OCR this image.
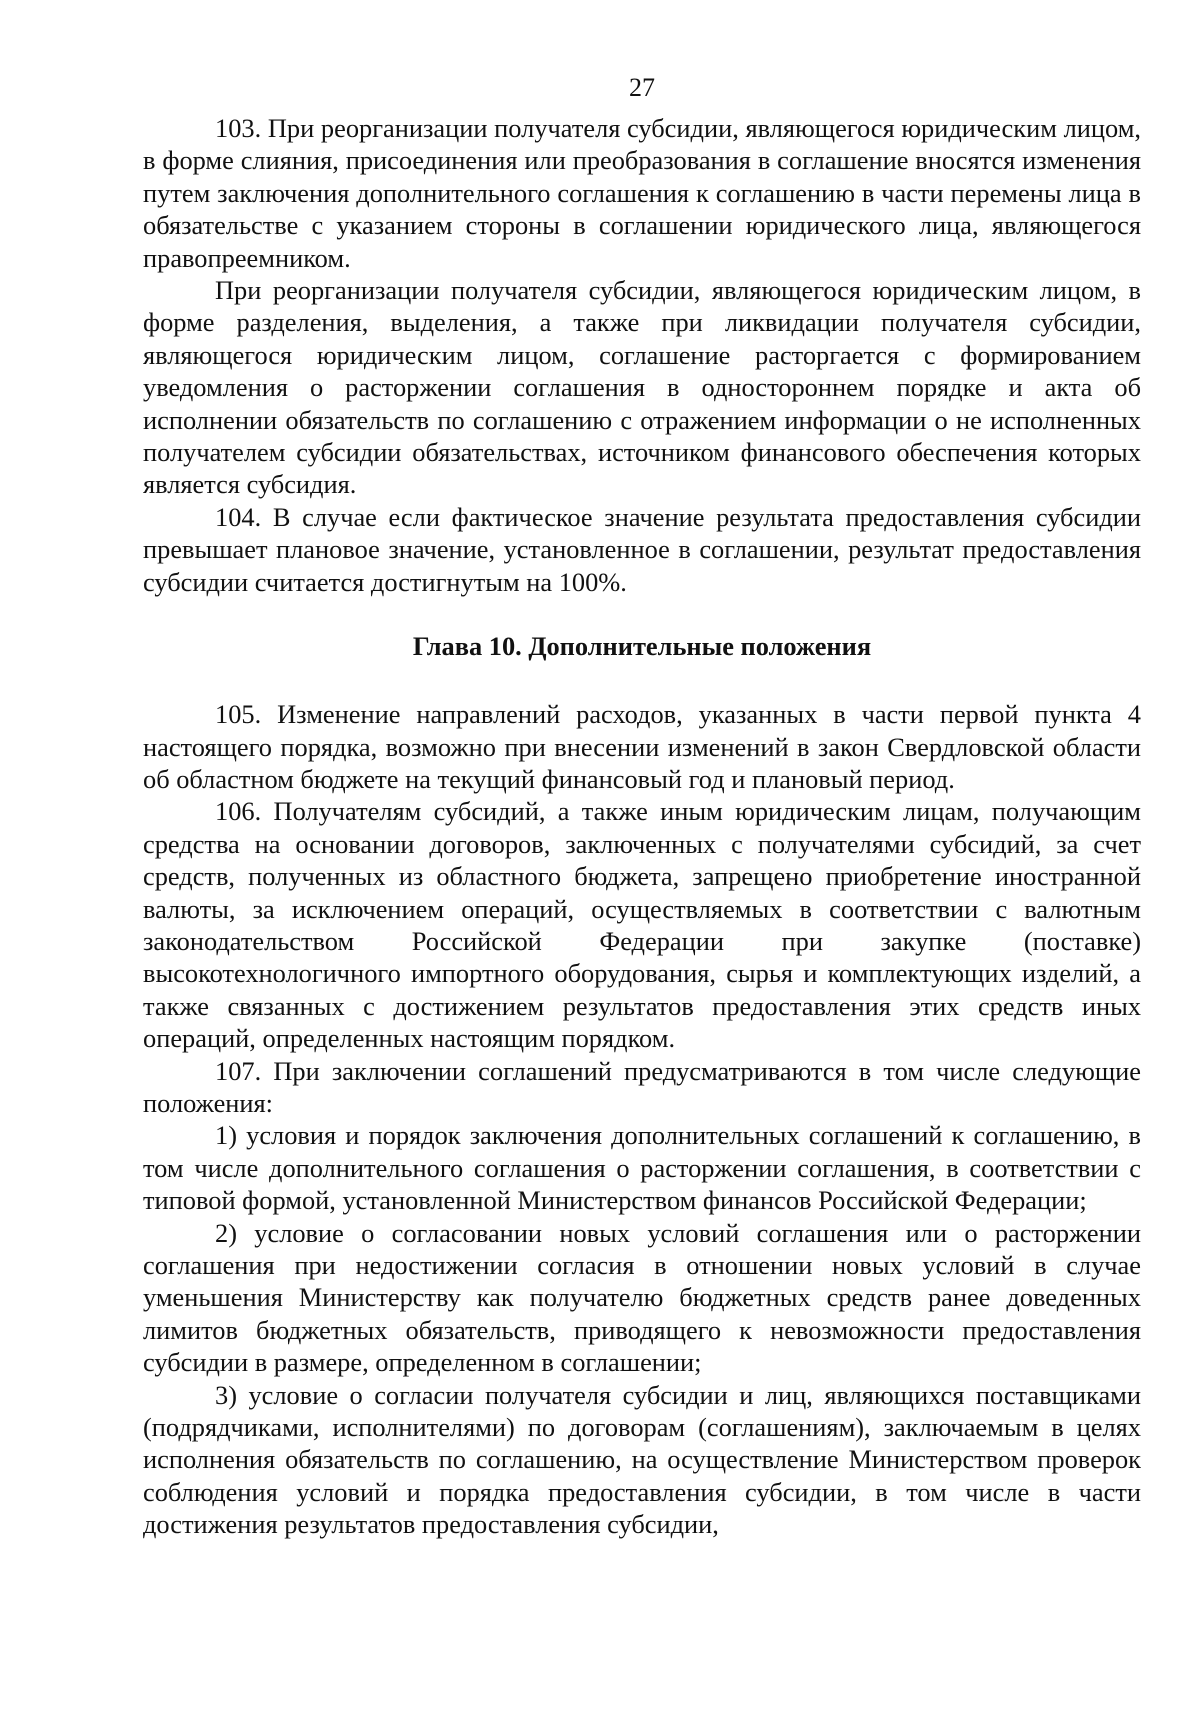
27

103. При реорганизации получателя субсидии, являющегося юридическим лицом, в форме слияния, присоединения или преобразования в соглашение вносятся изменения путем заключения дополнительного соглашения к соглашению в части перемены лица в обязательстве с указанием стороны в соглашении юридического лица, являющегося правопреемником.

При реорганизации получателя субсидии, являющегося юридическим лицом, в форме разделения, выделения, а также при ликвидации получателя субсидии, являющегося юридическим лицом, соглашение расторгается с формированием уведомления о расторжении соглашения в одностороннем порядке и акта об исполнении обязательств по соглашению с отражением информации о не исполненных получателем субсидии обязательствах, источником финансового обеспечения которых является субсидия.

104. В случае если фактическое значение результата предоставления субсидии превышает плановое значение, установленное в соглашении, результат предоставления субсидии считается достигнутым на 100%.

Глава 10. Дополнительные положения

105. Изменение направлений расходов, указанных в части первой пункта 4 настоящего порядка, возможно при внесении изменений в закон Свердловской области об областном бюджете на текущий финансовый год и плановый период.

106. Получателям субсидий, а также иным юридическим лицам, получающим средства на основании договоров, заключенных с получателями субсидий, за счет средств, полученных из областного бюджета, запрещено приобретение иностранной валюты, за исключением операций, осуществляемых в соответствии с валютным законодательством Российской Федерации при закупке (поставке) высокотехнологичного импортного оборудования, сырья и комплектующих изделий, а также связанных с достижением результатов предоставления этих средств иных операций, определенных настоящим порядком.

107. При заключении соглашений предусматриваются в том числе следующие положения:

1) условия и порядок заключения дополнительных соглашений к соглашению, в том числе дополнительного соглашения о расторжении соглашения, в соответствии с типовой формой, установленной Министерством финансов Российской Федерации;

2) условие о согласовании новых условий соглашения или о расторжении соглашения при недостижении согласия в отношении новых условий в случае уменьшения Министерству как получателю бюджетных средств ранее доведенных лимитов бюджетных обязательств, приводящего к невозможности предоставления субсидии в размере, определенном в соглашении;

3) условие о согласии получателя субсидии и лиц, являющихся поставщиками (подрядчиками, исполнителями) по договорам (соглашениям), заключаемым в целях исполнения обязательств по соглашению, на осуществление Министерством проверок соблюдения условий и порядка предоставления субсидии, в том числе в части достижения результатов предоставления субсидии,
